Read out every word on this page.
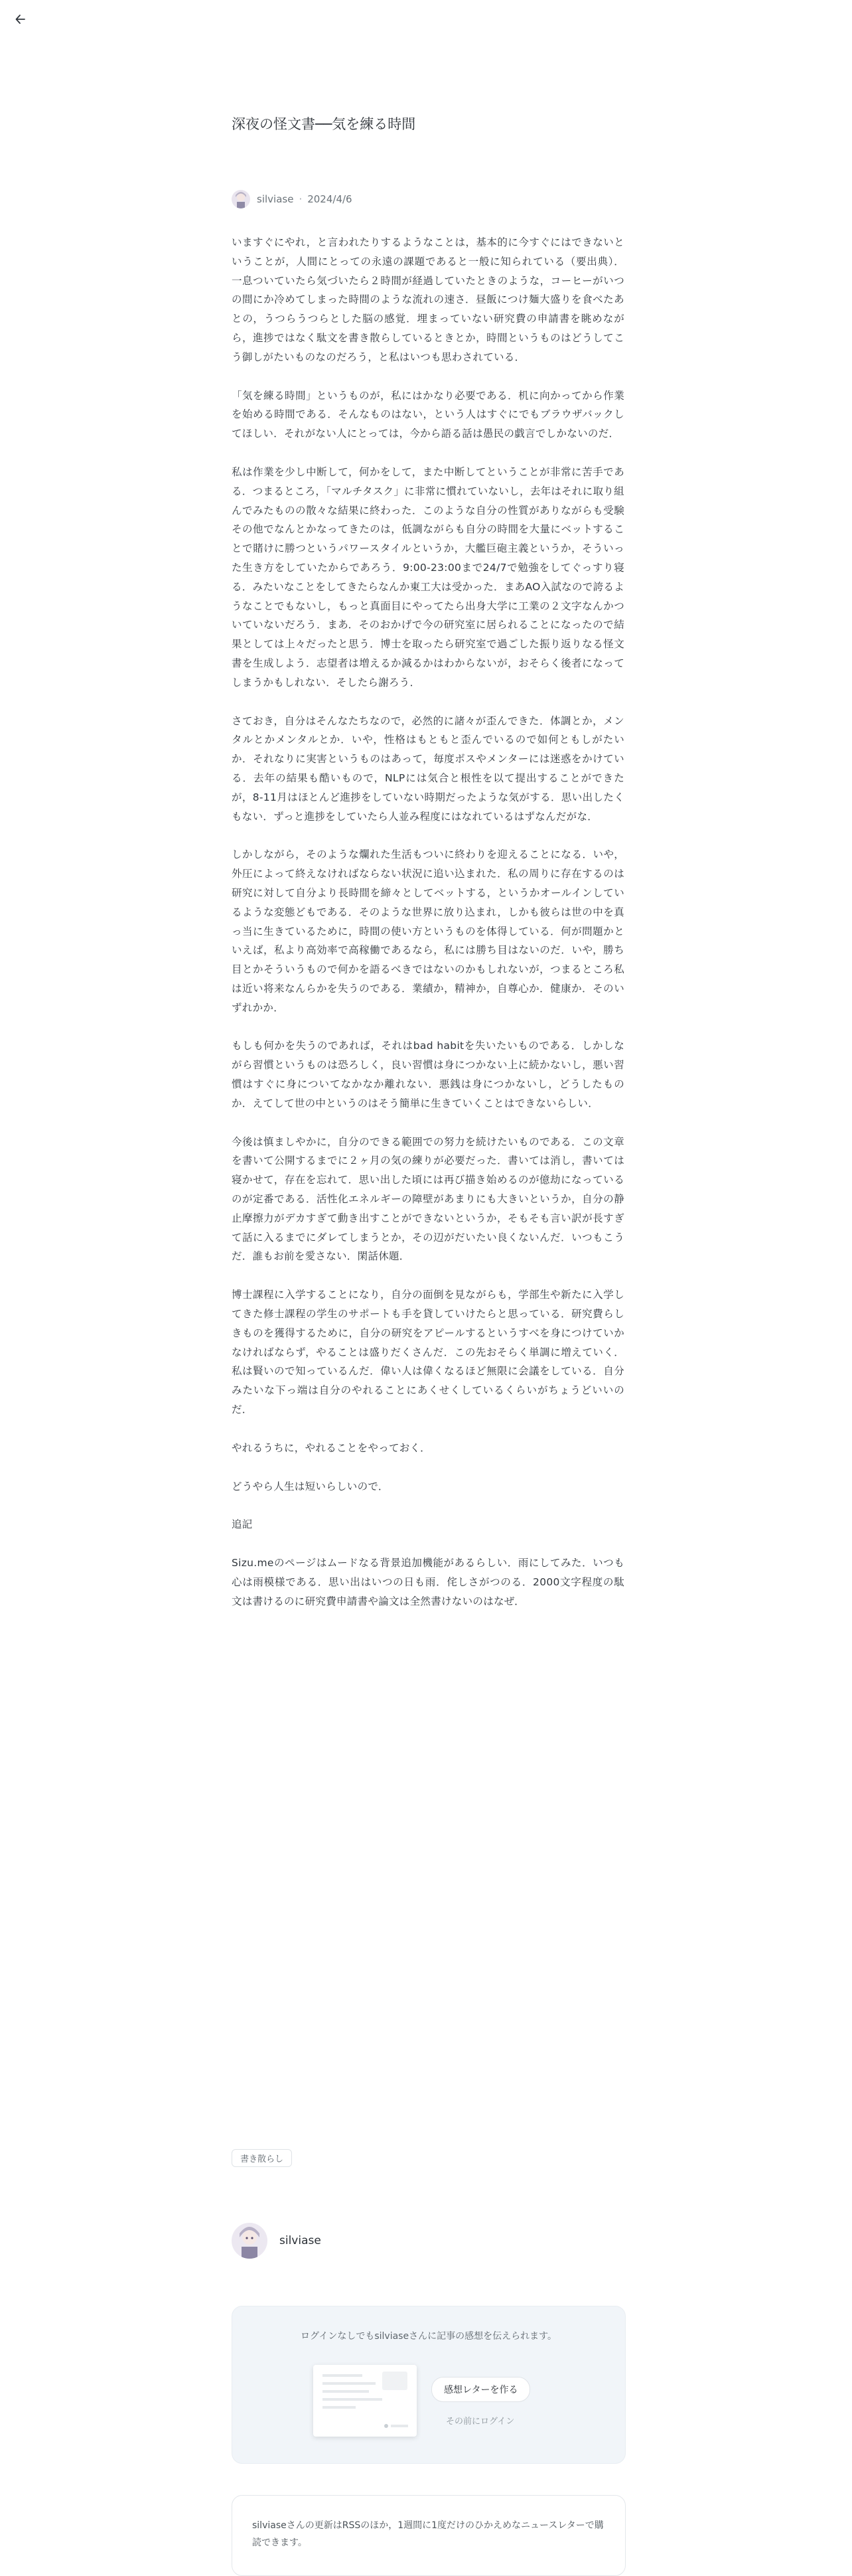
深夜の怪文書──気を練る時間
silviase · 2024/4/6

いますぐにやれ，と言われたりするようなことは，基本的に今すぐにはできないということが，人間にとっての永遠の課題であると一般に知られている（要出典）．一息ついていたら気づいたら２時間が経過していたときのような，コーヒーがいつの間にか冷めてしまった時間のような流れの速さ．昼飯につけ麺大盛りを食べたあとの，うつらうつらとした脳の感覚．埋まっていない研究費の申請書を眺めながら，進捗ではなく駄文を書き散らしているときとか，時間というものはどうしてこう御しがたいものなのだろう，と私はいつも思わされている．

「気を練る時間」というものが，私にはかなり必要である．机に向かってから作業を始める時間である．そんなものはない，という人はすぐにでもブラウザバックしてほしい．それがない人にとっては，今から語る話は愚民の戯言でしかないのだ．

私は作業を少し中断して，何かをして，また中断してということが非常に苦手である．つまるところ，「マルチタスク」に非常に慣れていないし，去年はそれに取り組んでみたものの散々な結果に終わった．このような自分の性質がありながらも受験その他でなんとかなってきたのは，低調ながらも自分の時間を大量にベットすることで賭けに勝つというパワースタイルというか，大艦巨砲主義というか，そういった生き方をしていたからであろう．9:00-23:00まで24/7で勉強をしてぐっすり寝る．みたいなことをしてきたらなんか東工大は受かった．まあAO入試なので誇るようなことでもないし，もっと真面目にやってたら出身大学に工業の２文字なんかついていないだろう．まあ．そのおかげで今の研究室に居られることになったので結果としては上々だったと思う．博士を取ったら研究室で過ごした振り返りなる怪文書を生成しよう．志望者は増えるか減るかはわからないが，おそらく後者になってしまうかもしれない．そしたら謝ろう．

さておき，自分はそんなたちなので，必然的に諸々が歪んできた．体調とか，メンタルとかメンタルとか．いや，性格はもともと歪んでいるので如何ともしがたいか．それなりに実害というものはあって，毎度ボスやメンターには迷惑をかけている．去年の結果も酷いもので，NLPには気合と根性を以て提出することができたが，8-11月はほとんど進捗をしていない時期だったような気がする．思い出したくもない．ずっと進捗をしていたら人並み程度にはなれているはずなんだがな．

しかしながら，そのような爛れた生活もついに終わりを迎えることになる．いや，外圧によって終えなければならない状況に追い込まれた．私の周りに存在するのは研究に対して自分より長時間を締々としてベットする，というかオールインしているような変態どもである．そのような世界に放り込まれ，しかも彼らは世の中を真っ当に生きているために，時間の使い方というものを体得している．何が問題かといえば，私より高効率で高稼働であるなら，私には勝ち目はないのだ．いや，勝ち目とかそういうもので何かを語るべきではないのかもしれないが，つまるところ私は近い将来なんらかを失うのである．業績か，精神か，自尊心か．健康か．そのいずれかか．

もしも何かを失うのであれば，それはbad habitを失いたいものである．しかしながら習慣というものは恐ろしく，良い習慣は身につかない上に続かないし，悪い習慣はすぐに身についてなかなか離れない．悪銭は身につかないし，どうしたものか．えてして世の中というのはそう簡単に生きていくことはできないらしい．

今後は慎ましやかに，自分のできる範囲での努力を続けたいものである．この文章を書いて公開するまでに２ヶ月の気の練りが必要だった．書いては消し，書いては寝かせて，存在を忘れて．思い出した頃には再び描き始めるのが億劫になっているのが定番である．活性化エネルギーの障壁があまりにも大きいというか，自分の静止摩擦力がデカすぎて動き出すことができないというか，そもそも言い訳が長すぎて話に入るまでにダレてしまうとか，その辺がだいたい良くないんだ．いつもこうだ．誰もお前を愛さない．閑話休題．

博士課程に入学することになり，自分の面倒を見ながらも，学部生や新たに入学してきた修士課程の学生のサポートも手を貸していけたらと思っている．研究費らしきものを獲得するために，自分の研究をアピールするというすべを身につけていかなければならず，やることは盛りだくさんだ．この先おそらく単調に増えていく．私は賢いので知っているんだ．偉い人は偉くなるほど無限に会議をしている．自分みたいな下っ端は自分のやれることにあくせくしているくらいがちょうどいいのだ．

やれるうちに，やれることをやっておく．

どうやら人生は短いらしいので．

追記

Sizu.meのページはムードなる背景追加機能があるらしい．雨にしてみた．いつも心は雨模様である．思い出はいつの日も雨．侘しさがつのる．2000文字程度の駄文は書けるのに研究費申請書や論文は全然書けないのはなぜ．

書き散らし
silviase
ログインなしでもsilviaseさんに記事の感想を伝えられます。
感想レターを作る
その前にログイン
silviaseさんの更新はRSSのほか，1週間に1度だけのひかえめなニュースレターで購読できます。
